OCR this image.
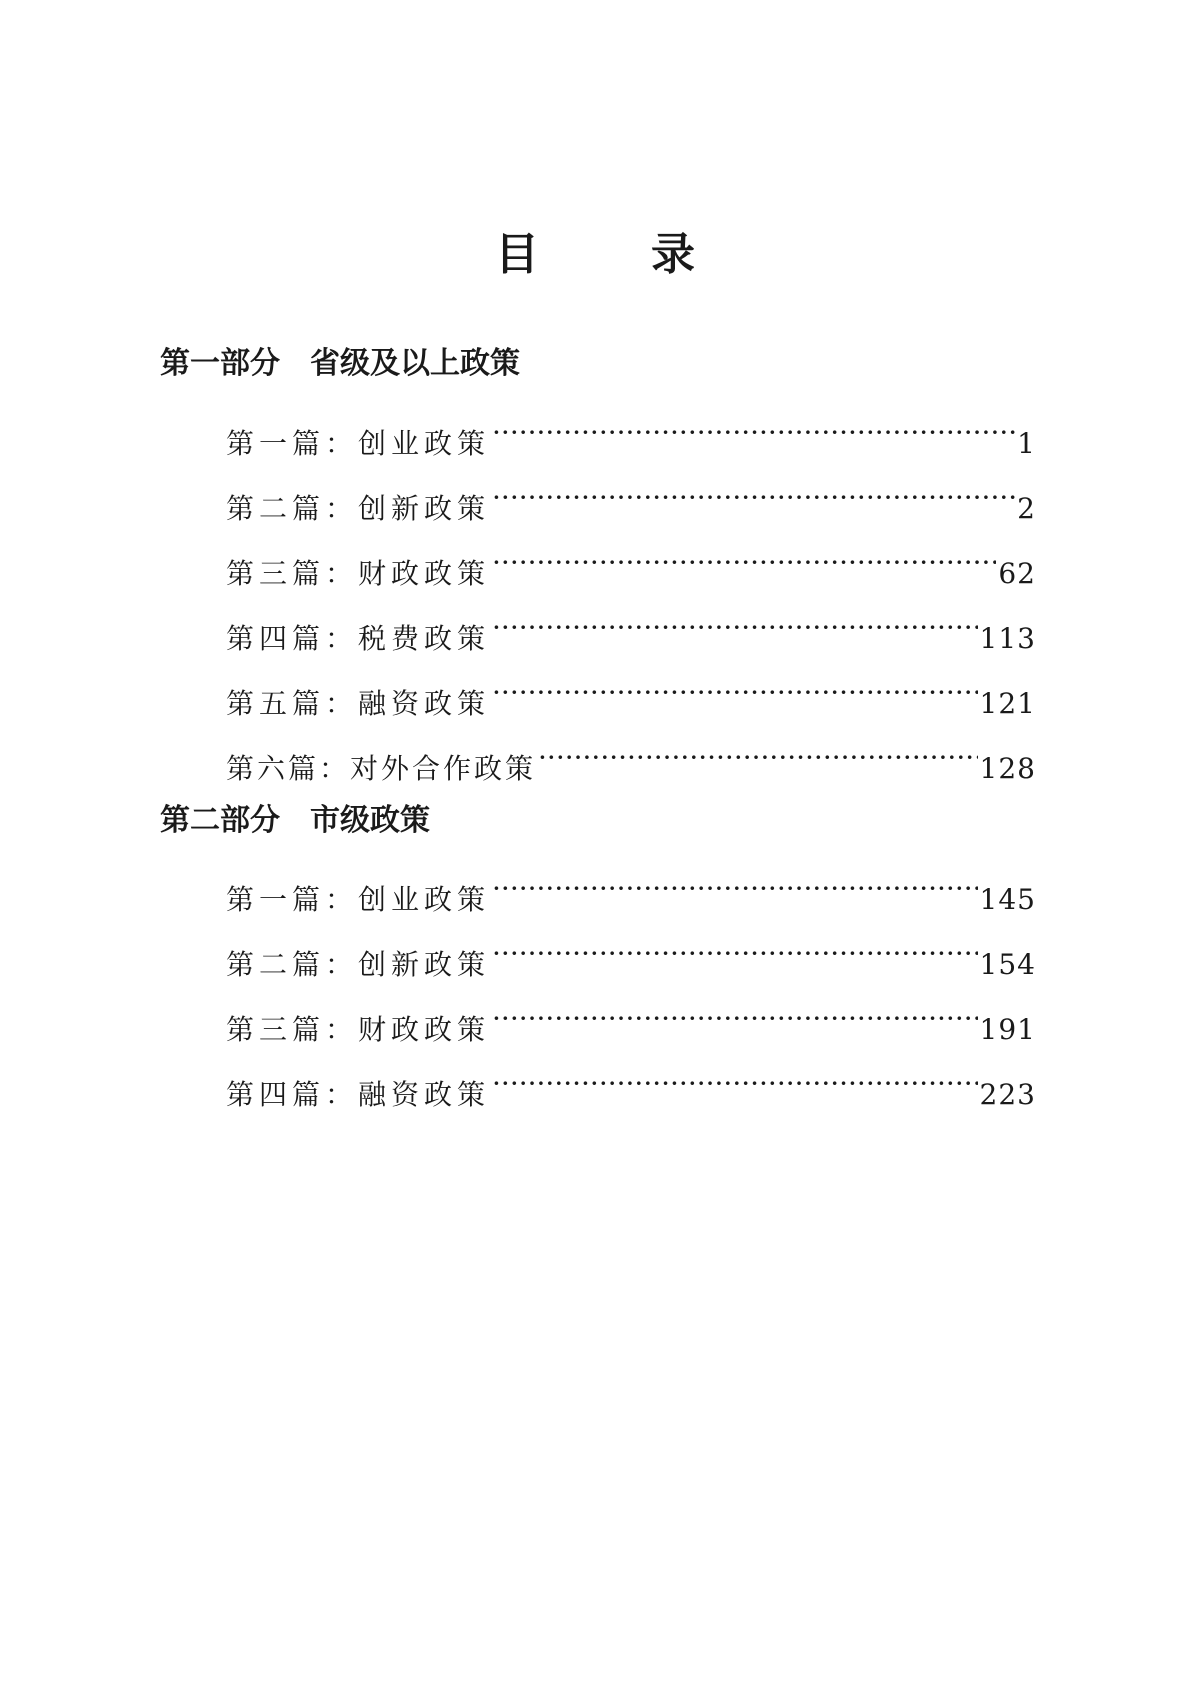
目　录
第一部分　省级及以上政策
第一篇：创业政策 ·····	1
第二篇：创新政策 ·····	2
第三篇：财政政策 ·····	62
第四篇：税费政策 ·····	113
第五篇：融资政策 ·····	121
第六篇：对外合作政策 ·····	128
第二部分　市级政策
第一篇：创业政策 ·····	145
第二篇：创新政策 ·····	154
第三篇：财政政策 ·····	191
第四篇：融资政策 ·····	223
